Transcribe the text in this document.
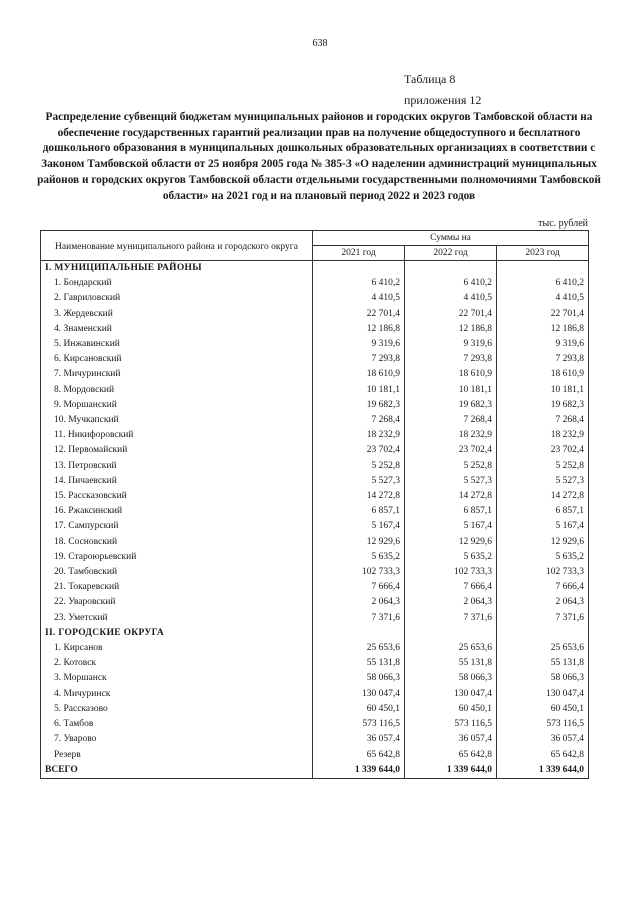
638
Таблица 8
приложения 12
Распределение субвенций бюджетам муниципальных районов и городских округов Тамбовской области на обеспечение государственных гарантий реализации прав на получение общедоступного и бесплатного дошкольного образования в муниципальных дошкольных образовательных организациях в соответствии с Законом Тамбовской области от 25 ноября 2005 года № 385-З «О наделении администраций муниципальных районов и городских округов Тамбовской области отдельными государственными полномочиями Тамбовской области» на 2021 год и на плановый период 2022 и 2023 годов
тыс. рублей
Наименование муниципального района и городского округа	Суммы на		
	2021 год	2022 год	2023 год
I. МУНИЦИПАЛЬНЫЕ РАЙОНЫ			
1. Бондарский	6 410,2	6 410,2	6 410,2
2. Гавриловский	4 410,5	4 410,5	4 410,5
3. Жердевский	22 701,4	22 701,4	22 701,4
4. Знаменский	12 186,8	12 186,8	12 186,8
5. Инжавинский	9 319,6	9 319,6	9 319,6
6. Кирсановский	7 293,8	7 293,8	7 293,8
7. Мичуринский	18 610,9	18 610,9	18 610,9
8. Мордовский	10 181,1	10 181,1	10 181,1
9. Моршанский	19 682,3	19 682,3	19 682,3
10. Мучкапский	7 268,4	7 268,4	7 268,4
11. Никифоровский	18 232,9	18 232,9	18 232,9
12. Первомайский	23 702,4	23 702,4	23 702,4
13. Петровский	5 252,8	5 252,8	5 252,8
14. Пичаевский	5 527,3	5 527,3	5 527,3
15. Рассказовский	14 272,8	14 272,8	14 272,8
16. Ржаксинский	6 857,1	6 857,1	6 857,1
17. Сампурский	5 167,4	5 167,4	5 167,4
18. Сосновский	12 929,6	12 929,6	12 929,6
19. Староюрьевский	5 635,2	5 635,2	5 635,2
20. Тамбовский	102 733,3	102 733,3	102 733,3
21. Токаревский	7 666,4	7 666,4	7 666,4
22. Уваровский	2 064,3	2 064,3	2 064,3
23. Уметский	7 371,6	7 371,6	7 371,6
II. ГОРОДСКИЕ ОКРУГА			
1. Кирсанов	25 653,6	25 653,6	25 653,6
2. Котовск	55 131,8	55 131,8	55 131,8
3. Моршанск	58 066,3	58 066,3	58 066,3
4. Мичуринск	130 047,4	130 047,4	130 047,4
5. Рассказово	60 450,1	60 450,1	60 450,1
6. Тамбов	573 116,5	573 116,5	573 116,5
7. Уварово	36 057,4	36 057,4	36 057,4
Резерв	65 642,8	65 642,8	65 642,8
ВСЕГО	1 339 644,0	1 339 644,0	1 339 644,0
